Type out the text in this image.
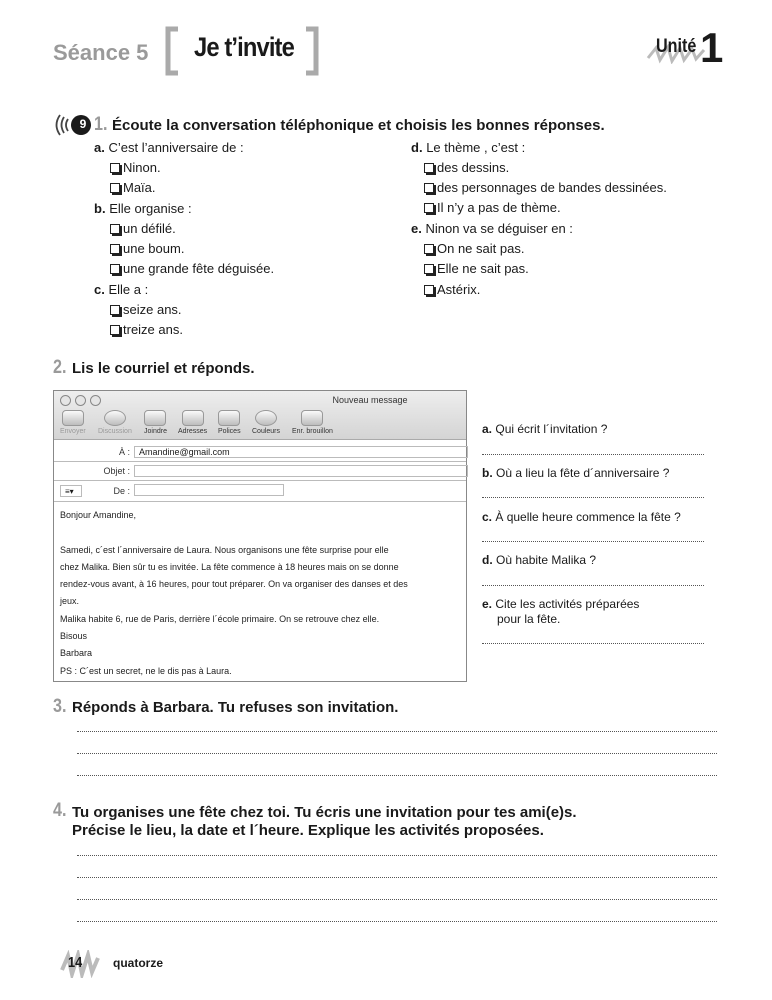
Séance 5 Je t’invite	Unité 1
9 1. Écoute la conversation téléphonique et choisis les bonnes réponses.
a. C’est l’anniversaire de :
Ninon.
Maïa.
b. Elle organise :
un défilé.
une boum.
une grande fête déguisée.
c. Elle a :
seize ans.
treize ans.
d. Le thème , c’est :
des dessins.
des personnages de bandes dessinées.
Il n’y a pas de thème.
e. Ninon va se déguiser en :
On ne sait pas.
Elle ne sait pas.
Astérix.
2. Lis le courriel et réponds.
Nouveau message
Envoyer Discussion Joindre Adresses Polices Couleurs Enr. brouillon
À :	Amandine@gmail.com
Objet :
≡▾	De :

Bonjour Amandine,

Samedi, c´est l´anniversaire de Laura. Nous organisons une fête surprise pour elle

chez Malika. Bien sûr tu es invitée. La fête commence à 18 heures mais on se donne

rendez-vous avant, à 16 heures, pour tout préparer. On va organiser des danses et des

jeux.

Malika habite 6, rue de Paris, derrière l´école primaire. On se retrouve chez elle.

Bisous

Barbara

PS : C´est un secret, ne le dis pas à Laura.

a. Qui écrit l´invitation ?
b. Où a lieu la fête d´anniversaire ?
c. À quelle heure commence la fête ?
d. Où habite Malika ?
e. Cite les activités préparées
pour la fête.
3. Réponds à Barbara. Tu refuses son invitation.
4. Tu organises une fête chez toi. Tu écris une invitation pour tes ami(e)s.
Précise le lieu, la date et l´heure. Explique les activités proposées.
14	quatorze
